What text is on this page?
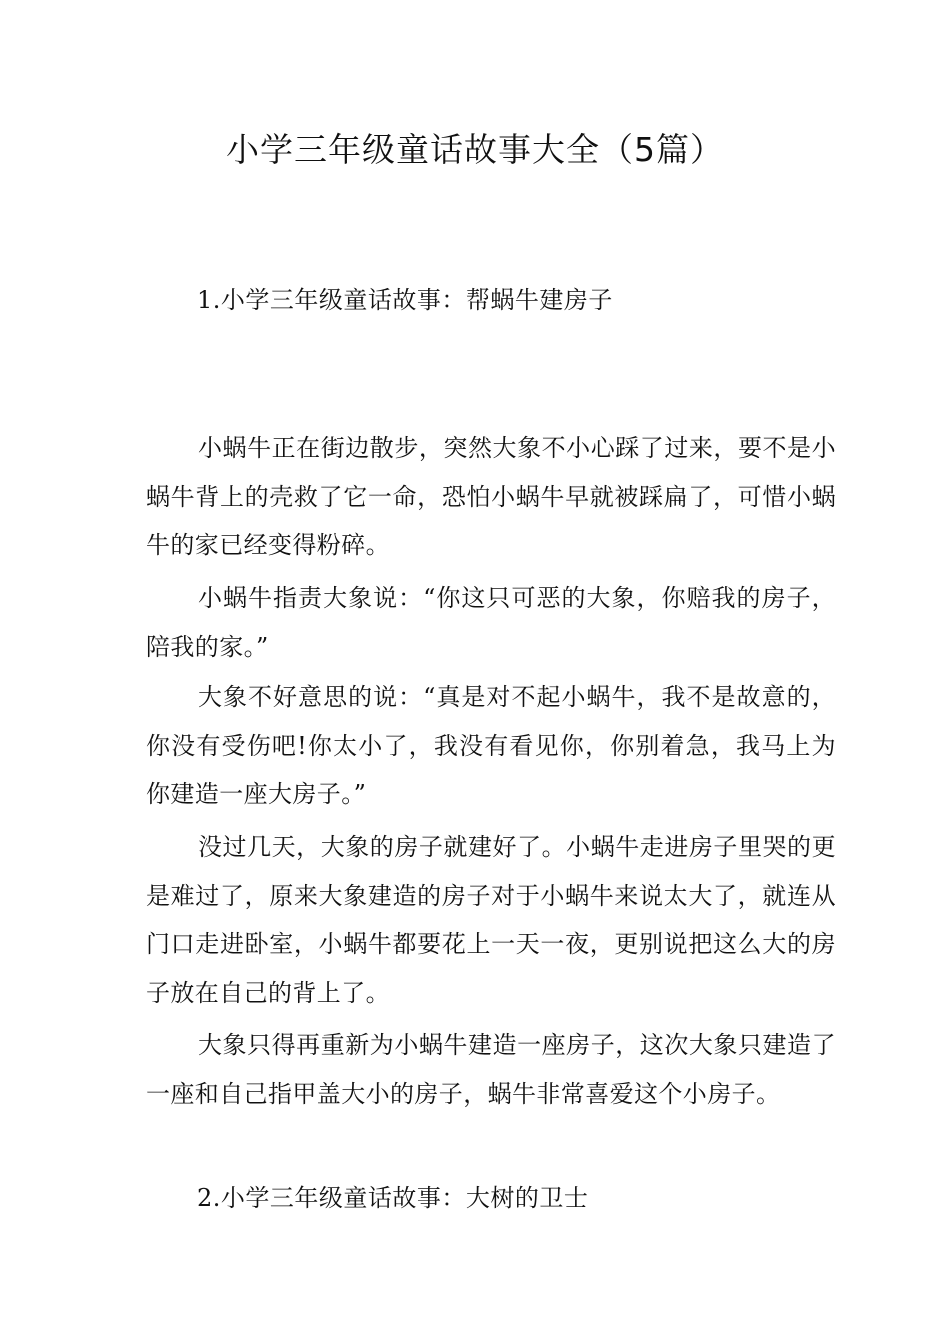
小学三年级童话故事大全（5篇）
1.小学三年级童话故事：帮蜗牛建房子

小蜗牛正在街边散步，突然大象不小心踩了过来，要不是小蜗牛背上的壳救了它一命，恐怕小蜗牛早就被踩扁了，可惜小蜗牛的家已经变得粉碎。

小蜗牛指责大象说：“你这只可恶的大象，你赔我的房子，陪我的家。”

大象不好意思的说：“真是对不起小蜗牛，我不是故意的，你没有受伤吧!你太小了，我没有看见你，你别着急，我马上为你建造一座大房子。”

没过几天，大象的房子就建好了。小蜗牛走进房子里哭的更是难过了，原来大象建造的房子对于小蜗牛来说太大了，就连从门口走进卧室，小蜗牛都要花上一天一夜，更别说把这么大的房子放在自己的背上了。

大象只得再重新为小蜗牛建造一座房子，这次大象只建造了一座和自己指甲盖大小的房子，蜗牛非常喜爱这个小房子。

2.小学三年级童话故事：大树的卫士
